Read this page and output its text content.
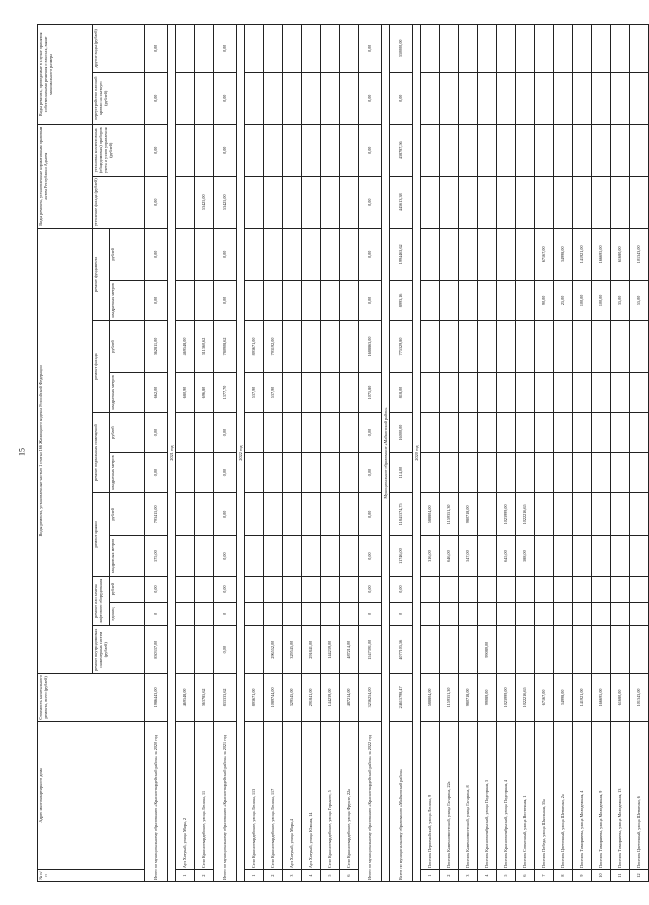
15
№ п/п	Адрес многоквартирного дома	Стоимость капитального ремонта, всего (рублей)	Виды ремонта, установленные частью 1 статьи 166 Жилищного кодекса Российской Федерации											Виды ремонта, установленные нормативным правовым актом Республики Адыгея		Виды ремонта, проводимые в случае принятия собственниками решения о взносах, выше минимального размера	
			ремонт внутридомовых инженерных систем (рублей)	ремонт или замена лифтового оборудования		ремонт крыши		ремонт подвальных помещений		ремонт фасада		ремонт фундамента		утепление фасада (рублей)	установка коллективных (общедомовых) приборов учета и узлов управления (рублей)	переустройство плоской кровли на скатную (рублей)	другие виды (рублей)
				единиц	рублей	квадратных метров	рублей	квадратных метров	рублей	квадратных метров	рублей	квадратных метров	рублей				
Итого по муниципальному образованию «Красногвардейский район» за 2020 год		1986443,00	830337,00	0	0,00	575,00	793415,00	0,00	0,00	662,00	362811,00	0,00	0,00	0,00	0,00	0,00	0,00
2021 год																	
1	Аул Хатукай, улица Мира, 2	469548,00								680,90	469548,00						
2	Село Красногвардейское, улица Ленина, 11	363785,62								696,80	311360,62			53425,00			
Итого по муниципальному образованию «Красногвардейский район» за 2021 год		833333,62	0,00	0	0,00	0,00	0,00	0,00	0,00	1377,70	780908,62	0,00	0,00	53425,00	0,00	0,00	0,00
2022 год																	
1	Село Красногвардейское, улица Ленина, 113	893671,00								537,90	893671,00						
2	Село Красногвардейское, улица Ленина, 117	1089744,00	296552,00							537,90	793192,00						
3	Аул Хатукай, улица Мира,4	329545,00	329545,00														
4	Аул Хатукай, улица Южная, 14	291841,00	291841,00														
5	Село Красногвардейское, улица Горького, 5	144239,00	144239,00														
6	Село Красногвардейское, улица Фрунзе, 22а	487214,00	487214,00														
Итого по муниципальному образованию «Красногвардейский район» за 2022 год		3236254,00	1547391,00	0	0,00	0,00	0,00	0,00	0,00	1075,80	1688863,00	0,00	0,00	0,00	0,00	0,00	0,00
Муниципальное образование «Майкопский район»																	
Всего по муниципальному образованию «Майкопский район»		24615798,47	4077105,56	0	0,00	11746,00	11841374,75	114,00	16000,00	818,00	775329,80	8993,16	1994463,62	445613,38	438787,56	0,00	330000,00
2020 год																	
1	Поселок Первомайский, улица Ленина, 9	588804,00				316,00	588804,00										
2	Поселок Каменномостский, улица Гагарина, 22а	1159351,30				646,00	1159351,30										
3	Поселок Каменномостский, улица Гагарина, 8	980718,00				547,00	980718,00										
4	Поселок Краснооктябрьский, улица Подгорная, 3	99089,00	99089,00														
5	Поселок Краснооктябрьский, улица Подгорная, 4	1023999,00				645,00	1023999,00										
6	Поселок Совхозный, улица Восточная, 1	1022216,65				588,00	1022216,65										
7	Поселок Победа, улица Школьная, 35а	67167,00										90,00	67167,00				
8	Поселок Цветочный, улица Шевченко, 2а	34998,00										25,00	34998,00				
9	Поселок Тимирязева, улица Молодежная, 4	141921,00										100,00	141921,00				
10	Поселок Тимирязева, улица Молодежная, 9	166695,00										100,00	166695,00				
11	Поселок Тимирязева, улица Молодежная, 13	61680,00										35,00	61680,00				
12	Поселок Цветочный, улица Шевченко, 6	101343,00										55,00	101343,00				
